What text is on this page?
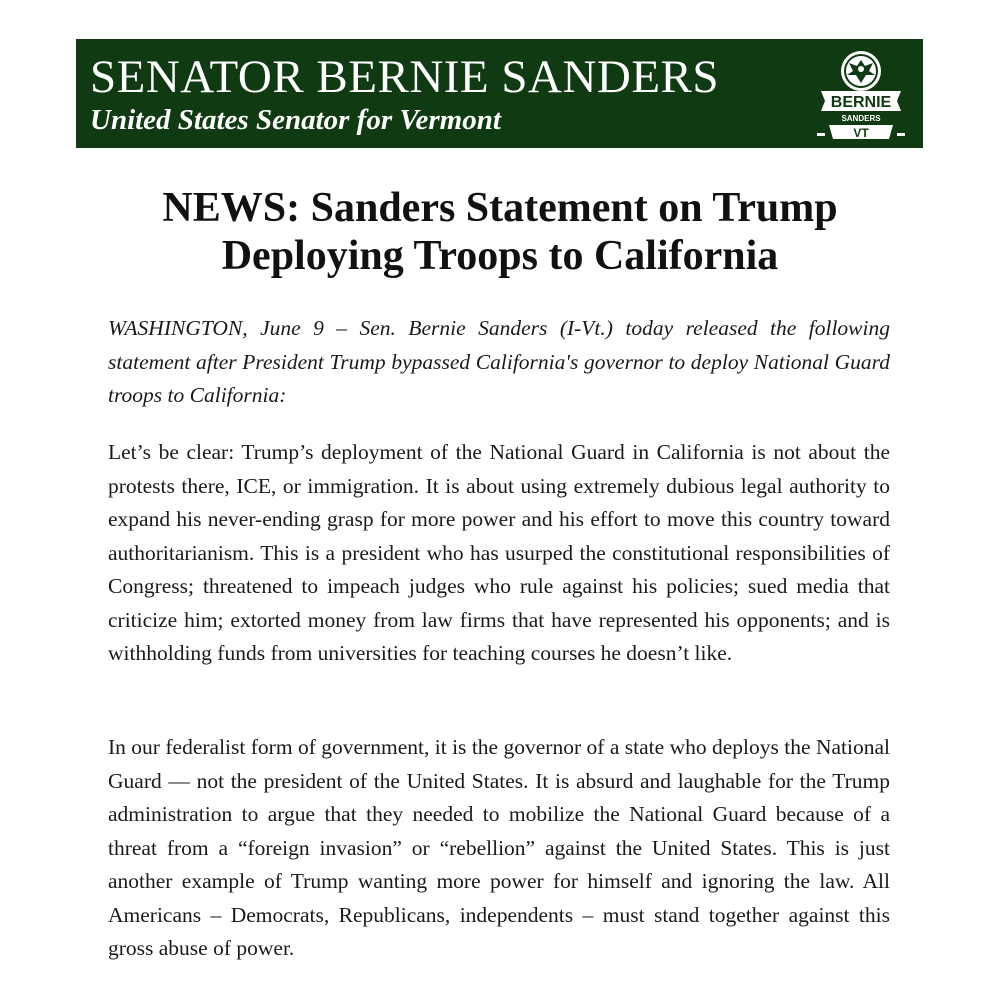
SENATOR BERNIE SANDERS
United States Senator for Vermont
BERNIE
SANDERS
VT
NEWS: Sanders Statement on Trump Deploying Troops to California

WASHINGTON, June 9 – Sen. Bernie Sanders (I-Vt.) today released the following statement after President Trump bypassed California's governor to deploy National Guard troops to California:

Let’s be clear: Trump’s deployment of the National Guard in California is not about the protests there, ICE, or immigration. It is about using extremely dubious legal authority to expand his never-ending grasp for more power and his effort to move this country toward authoritarianism. This is a president who has usurped the constitutional responsibilities of Congress; threatened to impeach judges who rule against his policies; sued media that criticize him; extorted money from law firms that have represented his opponents; and is withholding funds from universities for teaching courses he doesn’t like.

In our federalist form of government, it is the governor of a state who deploys the National Guard — not the president of the United States. It is absurd and laughable for the Trump administration to argue that they needed to mobilize the National Guard because of a threat from a “foreign invasion” or “rebellion” against the United States. This is just another example of Trump wanting more power for himself and ignoring the law. All Americans – Democrats, Republicans, independents – must stand together against this gross abuse of power.
